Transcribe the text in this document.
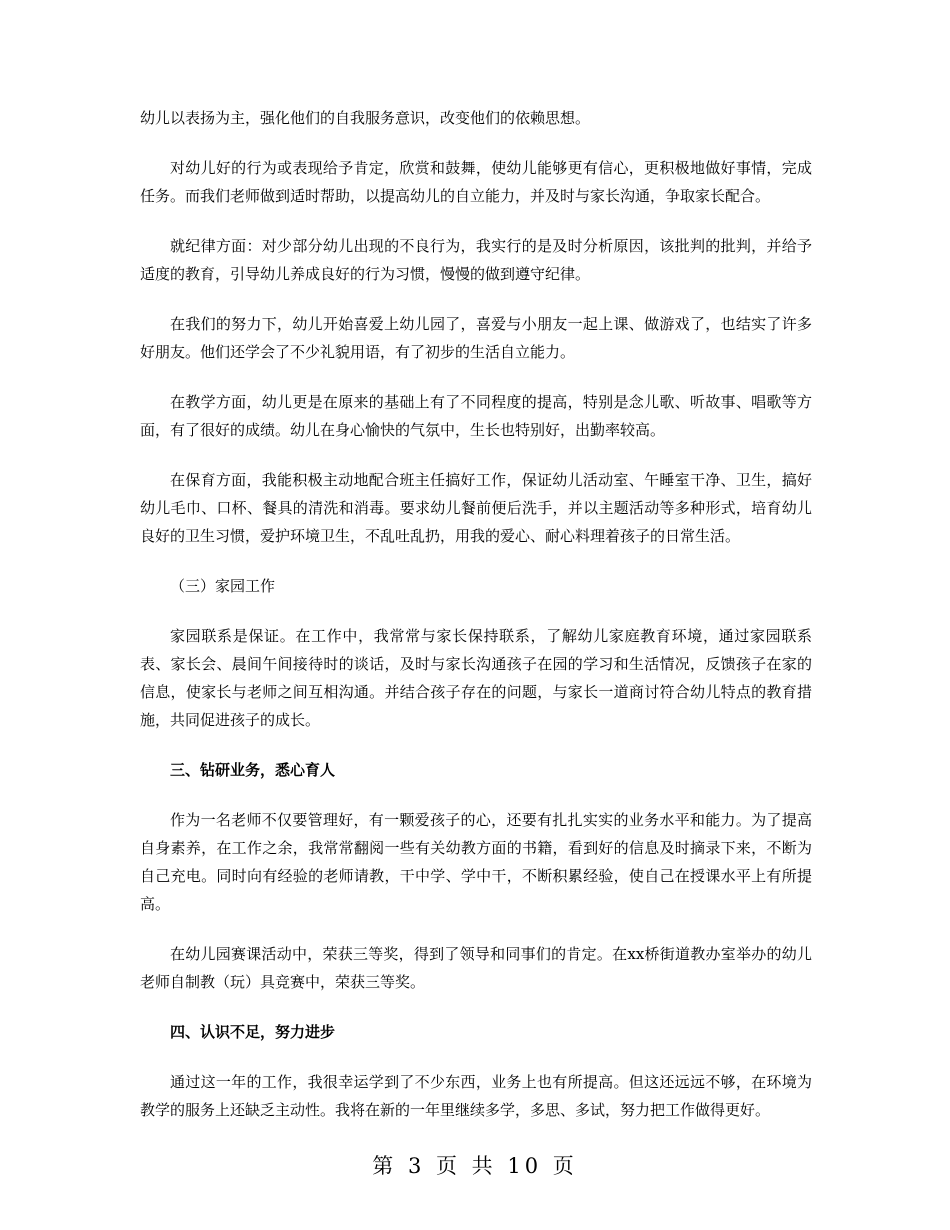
幼儿以表扬为主，强化他们的自我服务意识，改变他们的依赖思想。

对幼儿好的行为或表现给予肯定，欣赏和鼓舞，使幼儿能够更有信心，更积极地做好事情，完成任务。而我们老师做到适时帮助，以提高幼儿的自立能力，并及时与家长沟通，争取家长配合。

就纪律方面：对少部分幼儿出现的不良行为，我实行的是及时分析原因，该批判的批判，并给予适度的教育，引导幼儿养成良好的行为习惯，慢慢的做到遵守纪律。

在我们的努力下，幼儿开始喜爱上幼儿园了，喜爱与小朋友一起上课、做游戏了，也结实了许多好朋友。他们还学会了不少礼貌用语，有了初步的生活自立能力。

在教学方面，幼儿更是在原来的基础上有了不同程度的提高，特别是念儿歌、听故事、唱歌等方面，有了很好的成绩。幼儿在身心愉快的气氛中，生长也特别好，出勤率较高。

在保育方面，我能积极主动地配合班主任搞好工作，保证幼儿活动室、午睡室干净、卫生，搞好幼儿毛巾、口杯、餐具的清洗和消毒。要求幼儿餐前便后洗手，并以主题活动等多种形式，培育幼儿良好的卫生习惯，爱护环境卫生，不乱吐乱扔，用我的爱心、耐心料理着孩子的日常生活。

（三）家园工作

家园联系是保证。在工作中，我常常与家长保持联系，了解幼儿家庭教育环境，通过家园联系表、家长会、晨间午间接待时的谈话，及时与家长沟通孩子在园的学习和生活情况，反馈孩子在家的信息，使家长与老师之间互相沟通。并结合孩子存在的问题，与家长一道商讨符合幼儿特点的教育措施，共同促进孩子的成长。

三、钻研业务，悉心育人

作为一名老师不仅要管理好，有一颗爱孩子的心，还要有扎扎实实的业务水平和能力。为了提高自身素养，在工作之余，我常常翻阅一些有关幼教方面的书籍，看到好的信息及时摘录下来，不断为自己充电。同时向有经验的老师请教，干中学、学中干，不断积累经验，使自己在授课水平上有所提高。

在幼儿园赛课活动中，荣获三等奖，得到了领导和同事们的肯定。在xx桥街道教办室举办的幼儿老师自制教（玩）具竞赛中，荣获三等奖。

四、认识不足，努力进步

通过这一年的工作，我很幸运学到了不少东西，业务上也有所提高。但这还远远不够，在环境为教学的服务上还缺乏主动性。我将在新的一年里继续多学，多思、多试，努力把工作做得更好。

第 3 页 共 10 页
